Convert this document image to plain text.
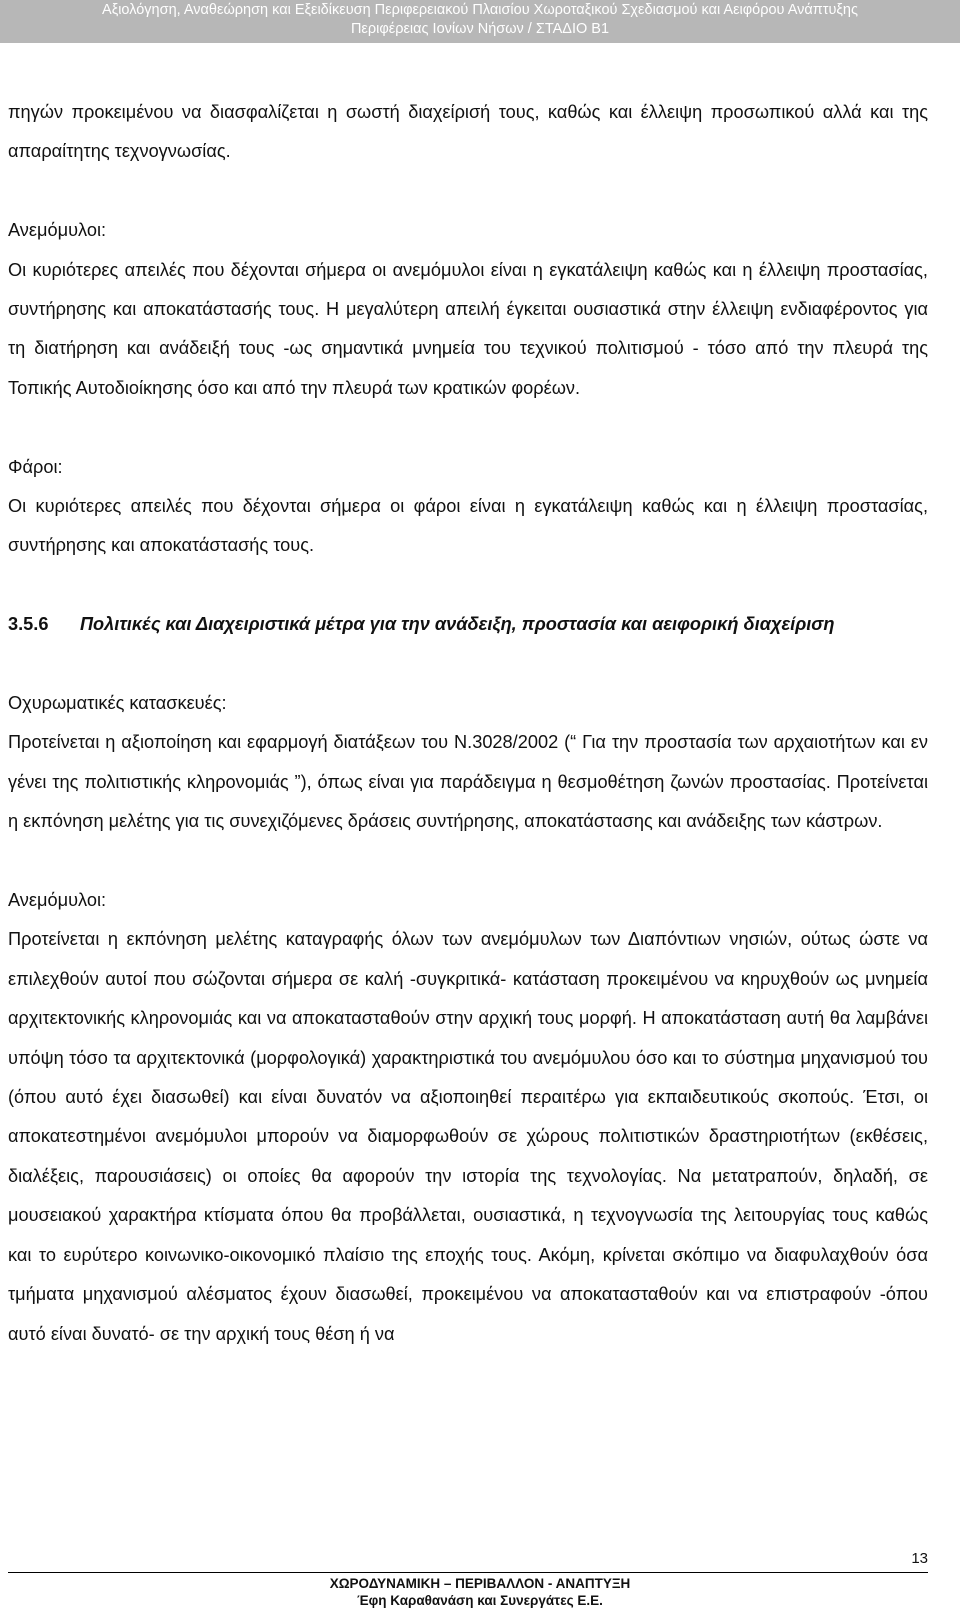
Αξιολόγηση, Αναθεώρηση και Εξειδίκευση Περιφερειακού Πλαισίου Χωροταξικού Σχεδιασμού και Αειφόρου Ανάπτυξης
Περιφέρειας Ιονίων Νήσων / ΣΤΑΔΙΟ Β1

πηγών προκειμένου να διασφαλίζεται η σωστή διαχείρισή τους, καθώς και έλλειψη προσωπικού αλλά και της απαραίτητης τεχνογνωσίας.

Ανεμόμυλοι:

Οι κυριότερες απειλές που δέχονται σήμερα οι ανεμόμυλοι είναι η εγκατάλειψη καθώς και η έλλειψη προστασίας, συντήρησης και αποκατάστασής τους. Η μεγαλύτερη απειλή έγκειται ουσιαστικά στην έλλειψη ενδιαφέροντος για τη διατήρηση και ανάδειξή τους -ως σημαντικά μνημεία του τεχνικού πολιτισμού - τόσο από την πλευρά της Τοπικής Αυτοδιοίκησης όσο και από την πλευρά των κρατικών φορέων.

Φάροι:

Οι κυριότερες απειλές που δέχονται σήμερα οι φάροι είναι η εγκατάλειψη καθώς και η έλλειψη προστασίας, συντήρησης και αποκατάστασής τους.

3.5.6	Πολιτικές και Διαχειριστικά μέτρα για την ανάδειξη, προστασία και αειφορική διαχείριση

Οχυρωματικές κατασκευές:

Προτείνεται η αξιοποίηση και εφαρμογή διατάξεων του Ν.3028/2002 (“ Για την προστασία των αρχαιοτήτων και εν γένει της πολιτιστικής κληρονομιάς ”), όπως είναι για παράδειγμα η θεσμοθέτηση ζωνών προστασίας. Προτείνεται η εκπόνηση μελέτης για τις συνεχιζόμενες δράσεις συντήρησης, αποκατάστασης και ανάδειξης των κάστρων.

Ανεμόμυλοι:

Προτείνεται η εκπόνηση μελέτης καταγραφής όλων των ανεμόμυλων των Διαπόντιων νησιών, ούτως ώστε να επιλεχθούν αυτοί που σώζονται σήμερα σε καλή -συγκριτικά- κατάσταση προκειμένου να κηρυχθούν ως μνημεία αρχιτεκτονικής κληρονομιάς και να αποκατασταθούν στην αρχική τους μορφή. Η αποκατάσταση αυτή θα λαμβάνει υπόψη τόσο τα αρχιτεκτονικά (μορφολογικά) χαρακτηριστικά του ανεμόμυλου όσο και το σύστημα μηχανισμού του (όπου αυτό έχει διασωθεί) και είναι δυνατόν να αξιοποιηθεί περαιτέρω για εκπαιδευτικούς σκοπούς. Έτσι, οι αποκατεστημένοι ανεμόμυλοι μπορούν να διαμορφωθούν σε χώρους πολιτιστικών δραστηριοτήτων (εκθέσεις, διαλέξεις, παρουσιάσεις) οι οποίες θα αφορούν την ιστορία της τεχνολογίας. Να μετατραπούν, δηλαδή, σε μουσειακού χαρακτήρα κτίσματα όπου θα προβάλλεται, ουσιαστικά, η τεχνογνωσία της λειτουργίας τους καθώς και το ευρύτερο κοινωνικο-οικονομικό πλαίσιο της εποχής τους. Ακόμη, κρίνεται σκόπιμο να διαφυλαχθούν όσα τμήματα μηχανισμού αλέσματος έχουν διασωθεί, προκειμένου να αποκατασταθούν και να επιστραφούν -όπου αυτό είναι δυνατό- σε την αρχική τους θέση ή να

13
ΧΩΡΟΔΥΝΑΜΙΚΗ – ΠΕΡΙΒΑΛΛΟΝ - ΑΝΑΠΤΥΞΗ
Έφη Καραθανάση και Συνεργάτες Ε.Ε.
